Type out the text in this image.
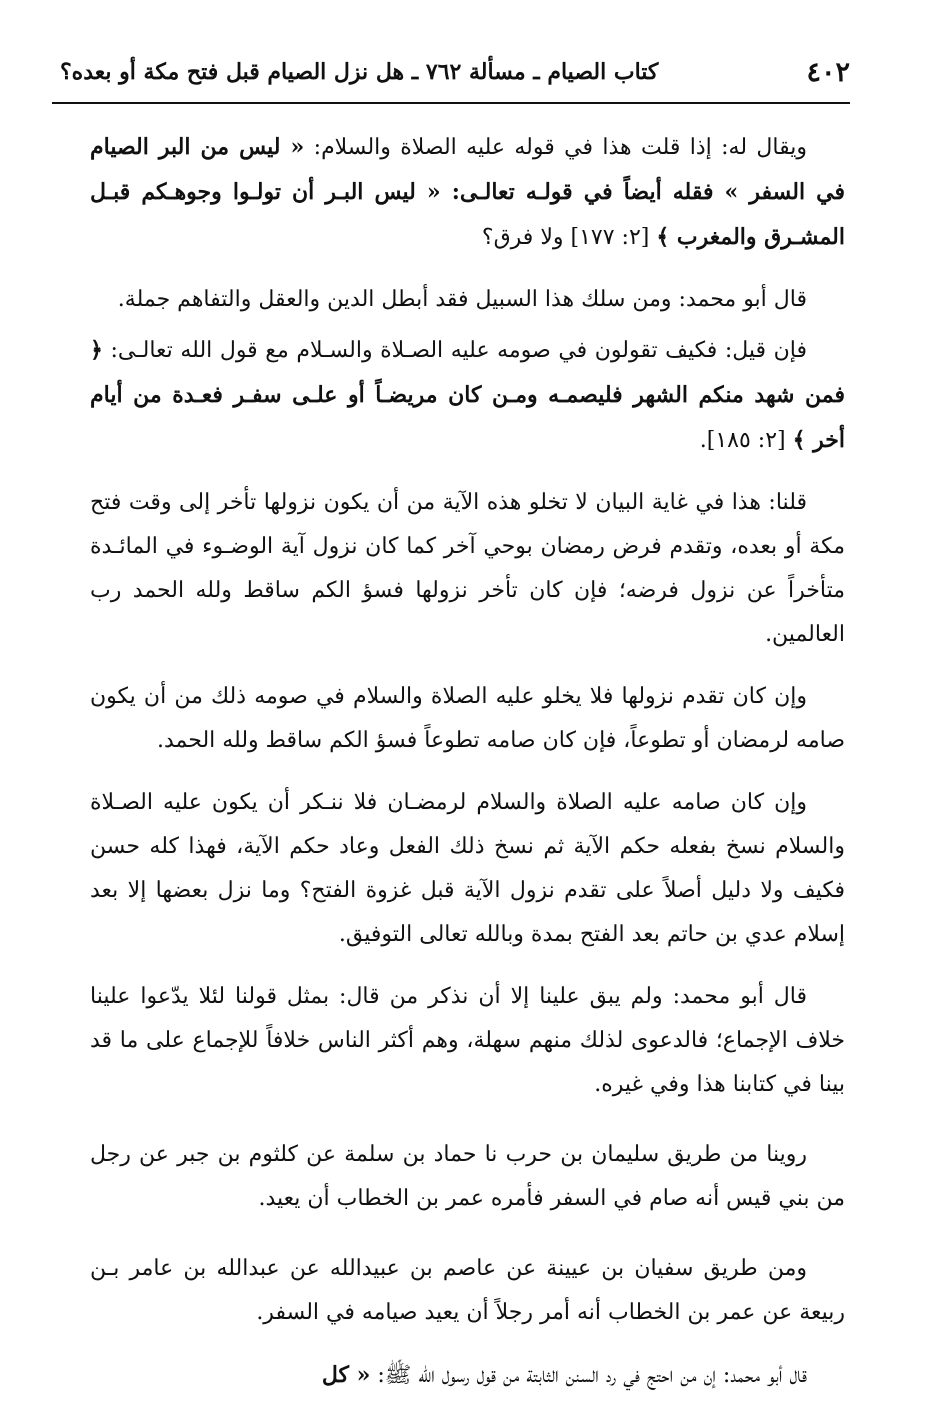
٤٠٢
كتاب الصيام ـ مسألة ٧٦٢ ـ هل نزل الصيام قبل فتح مكة أو بعده؟

ويقال له: إذا قلت هذا في قوله عليه الصلاة والسلام: « ليس من البر الصيام في السفر » فقله أيضاً في قولـه تعالـى: « ليس البـر أن تولـوا وجوهـكم قبـل المشـرق والمغرب ﴾ [٢: ١٧٧] ولا فرق؟

قال أبو محمد: ومن سلك هذا السبيل فقد أبطل الدين والعقل والتفاهم جملة.

فإن قيل: فكيف تقولون في صومه عليه الصـلاة والسـلام مع قول الله تعالـى: ﴿ فمن شهد منكم الشهر فليصمـه ومـن كان مريضـاً أو علـى سفـر فعـدة من أيام أخر ﴾ [٢: ١٨٥].

قلنا: هذا في غاية البيان لا تخلو هذه الآية من أن يكون نزولها تأخر إلى وقت فتح مكة أو بعده، وتقدم فرض رمضان بوحي آخر كما كان نزول آية الوضـوء في المائـدة متأخراً عن نزول فرضه؛ فإن كان تأخر نزولها فسؤ الكم ساقط ولله الحمد رب العالمين.

وإن كان تقدم نزولها فلا يخلو عليه الصلاة والسلام في صومه ذلك من أن يكون صامه لرمضان أو تطوعاً، فإن كان صامه تطوعاً فسؤ الكم ساقط ولله الحمد.

وإن كان صامه عليه الصلاة والسلام لرمضـان فلا ننـكر أن يكون عليه الصـلاة والسلام نسخ بفعله حكم الآية ثم نسخ ذلك الفعل وعاد حكم الآية، فهذا كله حسن فكيف ولا دليل أصلاً على تقدم نزول الآية قبل غزوة الفتح؟ وما نزل بعضها إلا بعد إسلام عدي بن حاتم بعد الفتح بمدة وبالله تعالى التوفيق.

قال أبو محمد: ولم يبق علينا إلا أن نذكر من قال: بمثل قولنا لئلا يدّعوا علينا خلاف الإجماع؛ فالدعوى لذلك منهم سهلة، وهم أكثر الناس خلافاً للإجماع على ما قد بينا في كتابنا هذا وفي غيره.

روينا من طريق سليمان بن حرب نا حماد بن سلمة عن كلثوم بن جبر عن رجل من بني قيس أنه صام في السفر فأمره عمر بن الخطاب أن يعيد.

ومن طريق سفيان بن عيينة عن عاصم بن عبيدالله عن عبدالله بن عامر بـن ربيعة عن عمر بن الخطاب أنه أمر رجلاً أن يعيد صيامه في السفر.

قال أبو محمد: إن من احتج في رد السنن الثابتة من قول رسول الله ﷺ: « كل
